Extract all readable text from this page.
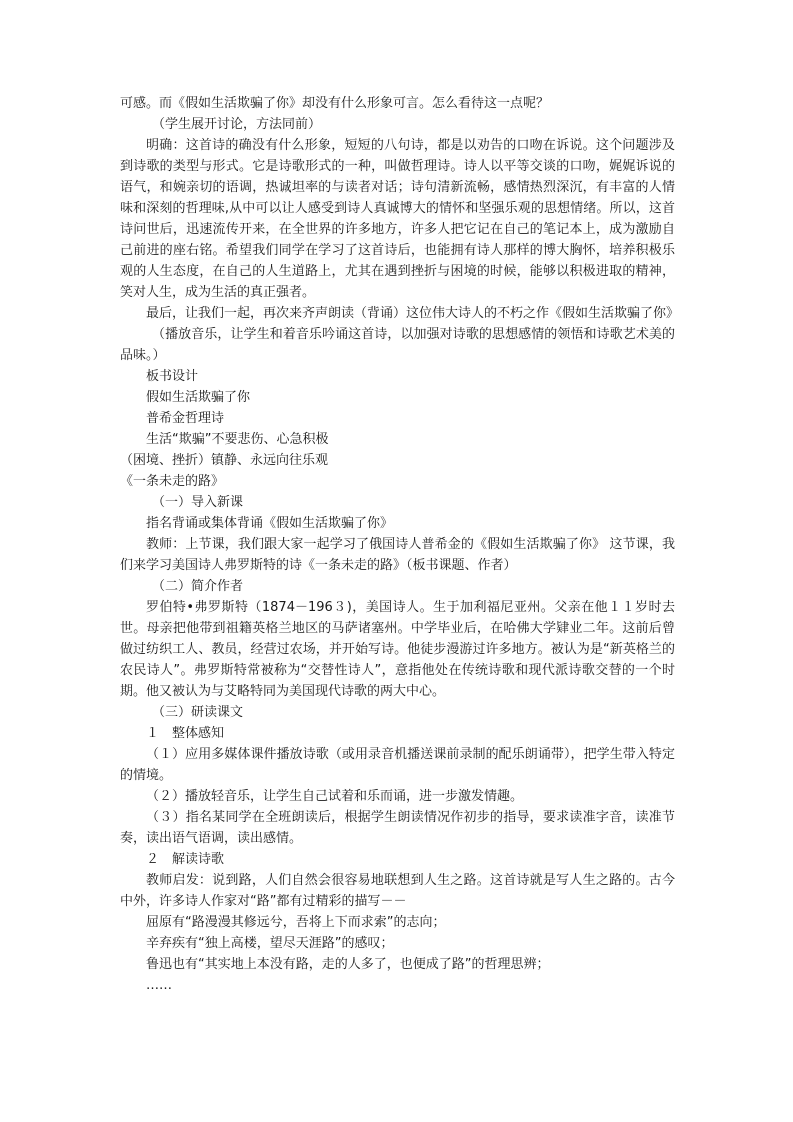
可感。而《假如生活欺骗了你》却没有什么形象可言。怎么看待这一点呢？

（学生展开讨论，方法同前）

明确：这首诗的确没有什么形象，短短的八句诗，都是以劝告的口吻在诉说。这个问题涉及到诗歌的类型与形式。它是诗歌形式的一种，叫做哲理诗。诗人以平等交谈的口吻，娓娓诉说的语气，和婉亲切的语调，热诚坦率的与读者对话；诗句清新流畅，感情热烈深沉，有丰富的人情味和深刻的哲理味,从中可以让人感受到诗人真诚博大的情怀和坚强乐观的思想情绪。所以，这首诗问世后，迅速流传开来，在全世界的许多地方，许多人把它记在自己的笔记本上，成为激励自己前进的座右铭。希望我们同学在学习了这首诗后，也能拥有诗人那样的博大胸怀，培养积极乐观的人生态度，在自己的人生道路上，尤其在遇到挫折与困境的时候，能够以积极进取的精神，笑对人生，成为生活的真正强者。

最后，让我们一起，再次来齐声朗读（背诵）这位伟大诗人的不朽之作《假如生活欺骗了你》

（播放音乐，让学生和着音乐吟诵这首诗，以加强对诗歌的思想感情的领悟和诗歌艺术美的品味。）

板书设计

假如生活欺骗了你

普希金哲理诗

生活“欺骗”不要悲伤、心急积极

（困境、挫折）镇静、永远向往乐观

《一条未走的路》

（一）导入新课

指名背诵或集体背诵《假如生活欺骗了你》

教师：上节课，我们跟大家一起学习了俄国诗人普希金的《假如生活欺骗了你》 这节课，我们来学习美国诗人弗罗斯特的诗《一条未走的路》（板书课题、作者）

（二）简介作者

罗伯特•弗罗斯特（1874－196３)，美国诗人。生于加利福尼亚州。父亲在他１１岁时去世。母亲把他带到祖籍英格兰地区的马萨诸塞州。中学毕业后，在哈佛大学肄业二年。这前后曾做过纺织工人、教员，经营过农场，并开始写诗。他徒步漫游过许多地方。被认为是“新英格兰的农民诗人”。弗罗斯特常被称为“交替性诗人”，意指他处在传统诗歌和现代派诗歌交替的一个时期。他又被认为与艾略特同为美国现代诗歌的两大中心。

（三）研读课文

１　整体感知

（１）应用多媒体课件播放诗歌（或用录音机播送课前录制的配乐朗诵带），把学生带入特定的情境。

（２）播放轻音乐，让学生自己试着和乐而诵，进一步激发情趣。

（３）指名某同学在全班朗读后，根据学生朗读情况作初步的指导，要求读准字音，读准节奏，读出语气语调，读出感情。

２　解读诗歌

教师启发：说到路，人们自然会很容易地联想到人生之路。这首诗就是写人生之路的。古今中外，许多诗人作家对“路”都有过精彩的描写－－

屈原有“路漫漫其修远兮，吾将上下而求索”的志向；

辛弃疾有“独上高楼，望尽天涯路”的感叹；

鲁迅也有“其实地上本没有路，走的人多了，也便成了路”的哲理思辨；

……
